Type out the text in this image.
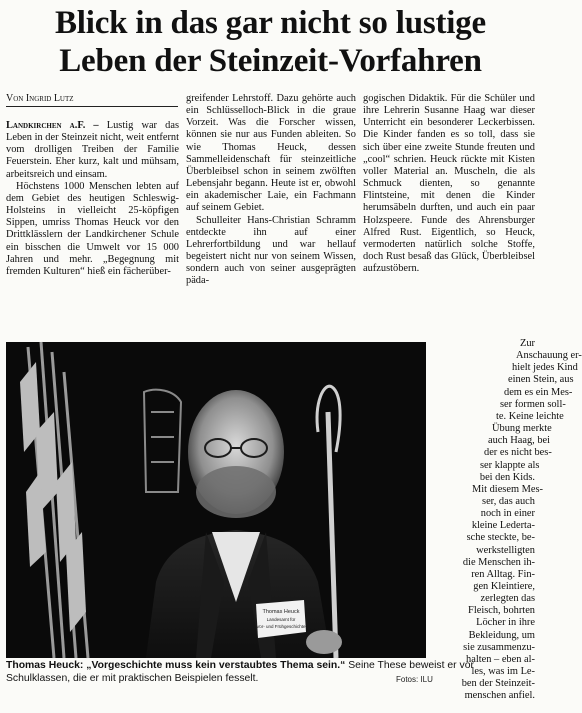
Blick in das gar nicht so lustige
Leben der Steinzeit-Vorfahren
Von Ingrid Lutz

Landkirchen a.F. – Lustig war das Leben in der Steinzeit nicht, weit entfernt vom drolligen Treiben der Familie Feuerstein. Eher kurz, kalt und mühsam, arbeitsreich und einsam.

Höchstens 1000 Menschen lebten auf dem Gebiet des heutigen Schleswig-Holsteins in vielleicht 25-köpfigen Sippen, umriss Thomas Heuck vor den Drittklässlern der Landkirchener Schule ein bisschen die Umwelt vor 15 000 Jahren und mehr. „Begegnung mit fremden Kulturen“ hieß ein fächerüber-

greifender Lehrstoff. Dazu gehörte auch ein Schlüsselloch-Blick in die graue Vorzeit. Was die Forscher wissen, können sie nur aus Funden ableiten. So wie Thomas Heuck, dessen Sammelleidenschaft für steinzeitliche Überbleibsel schon in seinem zwölften Lebensjahr begann. Heute ist er, obwohl ein akademischer Laie, ein Fachmann auf seinem Gebiet.

Schulleiter Hans-Christian Schramm entdeckte ihn auf einer Lehrerfortbildung und war hellauf begeistert nicht nur von seinem Wissen, sondern auch von seiner ausgeprägten päda-

gogischen Didaktik. Für die Schüler und ihre Lehrerin Susanne Haag war dieser Unterricht ein besonderer Leckerbissen. Die Kinder fanden es so toll, dass sie sich über eine zweite Stunde freuten und „cool“ schrien. Heuck rückte mit Kisten voller Material an. Muscheln, die als Schmuck dienten, so genannte Flintsteine, mit denen die Kinder herumsäbeln durften, und auch ein paar Holzspeere. Funde des Ahrensburger Alfred Rust. Eigentlich, so Heuck, vermoderten natürlich solche Stoffe, doch Rust besaß das Glück, Überbleibsel aufzustöbern.

Zur
Anschauung er-
hielt jedes Kind
einen Stein, aus
dem es ein Mes-
ser formen soll-
te. Keine leichte
Übung merkte
auch Haag, bei
der es nicht bes-
ser klappte als
bei den Kids.
Mit diesem Mes-
ser, das auch
noch in einer
kleine Ledertа-
sche steckte, be-
werkstelligten
die Menschen ih-
ren Alltag. Fin-
gen Kleintiere,
zerlegten das
Fleisch, bohrten
Löcher in ihre
Bekleidung, um
sie zusammenzu-
halten – eben al-
les, was im Le-
ben der Steinzeit-
menschen anfiel.
Thomas Heuck
Landesamt für
Vor- und Frühgeschichte
Thomas Heuck: „Vorgeschichte muss kein verstaubtes Thema sein.“ Seine These beweist er vor Schulklassen, die er mit praktischen Beispielen fesselt.	Fotos: ILU
